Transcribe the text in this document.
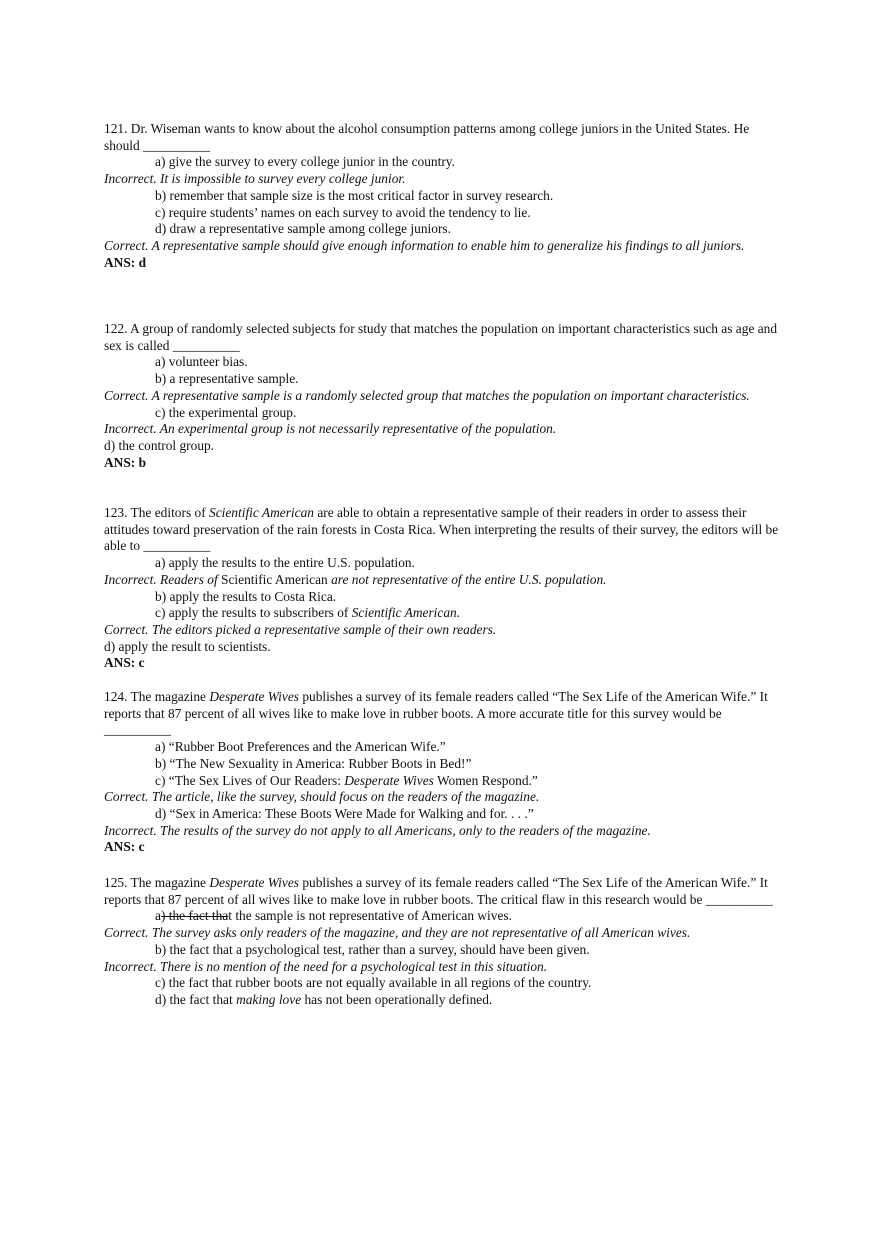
121. Dr. Wiseman wants to know about the alcohol consumption patterns among college juniors in the United States. He should __________

a) give the survey to every college junior in the country.

Incorrect. It is impossible to survey every college junior.

b) remember that sample size is the most critical factor in survey research.

c) require students’ names on each survey to avoid the tendency to lie.

d) draw a representative sample among college juniors.

Correct. A representative sample should give enough information to enable him to generalize his findings to all juniors.

ANS: d

122. A group of randomly selected subjects for study that matches the population on important characteristics such as age and sex is called __________

a) volunteer bias.

b) a representative sample.

Correct. A representative sample is a randomly selected group that matches the population on important characteristics.

c) the experimental group.

Incorrect. An experimental group is not necessarily representative of the population.

d) the control group.

ANS: b

123. The editors of Scientific American are able to obtain a representative sample of their readers in order to assess their attitudes toward preservation of the rain forests in Costa Rica. When interpreting the results of their survey, the editors will be able to __________

a) apply the results to the entire U.S. population.

Incorrect. Readers of Scientific American are not representative of the entire U.S. population.

b) apply the results to Costa Rica.

c) apply the results to subscribers of Scientific American.

Correct. The editors picked a representative sample of their own readers.

d) apply the result to scientists.

ANS: c

124. The magazine Desperate Wives publishes a survey of its female readers called “The Sex Life of the American Wife.” It reports that 87 percent of all wives like to make love in rubber boots. A more accurate title for this survey would be __________

a) “Rubber Boot Preferences and the American Wife.”

b) “The New Sexuality in America: Rubber Boots in Bed!”

c) “The Sex Lives of Our Readers: Desperate Wives Women Respond.”

Correct. The article, like the survey, should focus on the readers of the magazine.

d) “Sex in America: These Boots Were Made for Walking and for. . . .”

Incorrect. The results of the survey do not apply to all Americans, only to the readers of the magazine.

ANS: c

125. The magazine Desperate Wives publishes a survey of its female readers called “The Sex Life of the American Wife.” It reports that 87 percent of all wives like to make love in rubber boots. The critical flaw in this research would be __________

a) the fact that the sample is not representative of American wives.

Correct. The survey asks only readers of the magazine, and they are not representative of all American wives.

b) the fact that a psychological test, rather than a survey, should have been given.

Incorrect. There is no mention of the need for a psychological test in this situation.

c) the fact that rubber boots are not equally available in all regions of the country.

d) the fact that making love has not been operationally defined.
